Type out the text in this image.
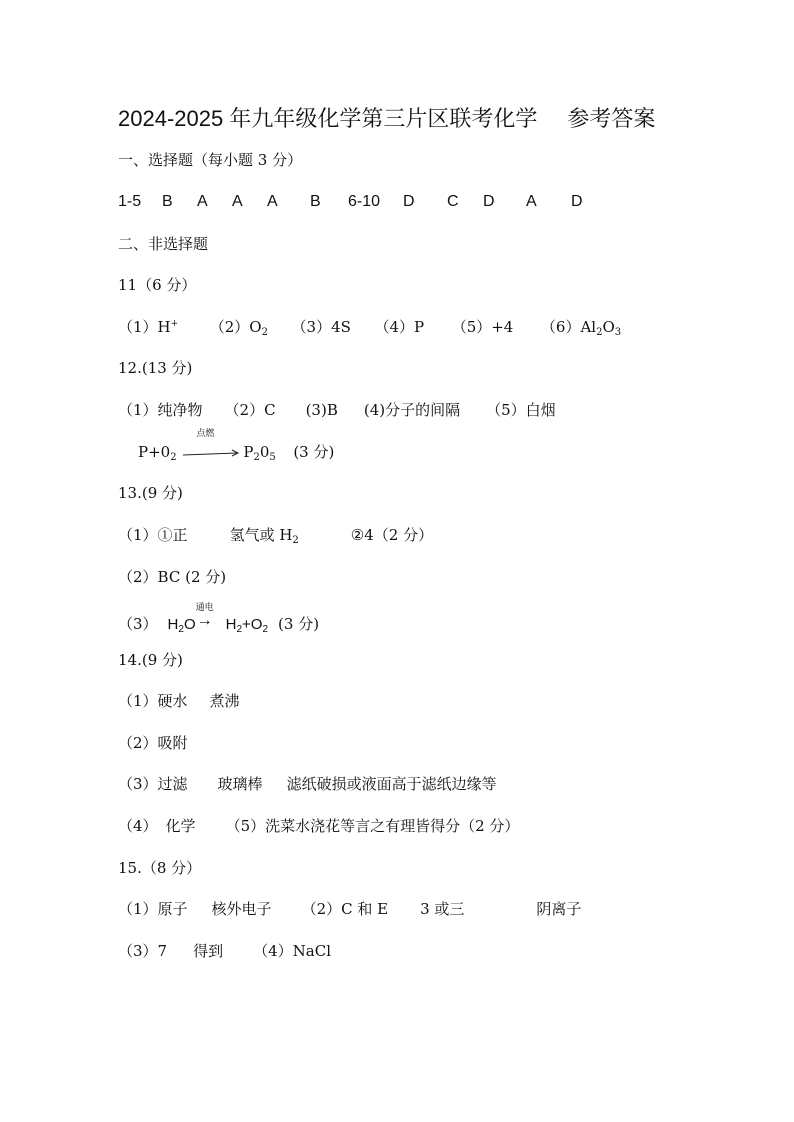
2024-2025 年九年级化学第三片区联考化学 参考答案
一、选择题（每小题 3 分）
1-5 B A A A B 6-10 D C D A D
二、非选择题
11（6 分）
（1）H+ $(2)O_2$ （3）4S （4）P （5）+4 $(6)Al_2O_3$
12.(13 分)
（1）纯净物 （2）C (3)B (4)分子的间隔 （5）白烟
$P+0_2$
点燃
$P_20_5$ (3 分)
13.(9 分)
（1）①正	氢气或 $H_2$	②4（2 分）
（2）BC (2 分)
（3） $H_2O$
通电
→ $H_2+O_2$ (3 分)
14.(9 分)
（1）硬水 煮沸
（2）吸附
（3）过滤 玻璃棒 滤纸破损或液面高于滤纸边缘等
（4） 化学 （5）洗菜水浇花等言之有理皆得分（2 分）
15.（8 分）
（1）原子 核外电子 （2）C 和 E 3 或三	阴离子
（3）7 得到 （4）NaCl
